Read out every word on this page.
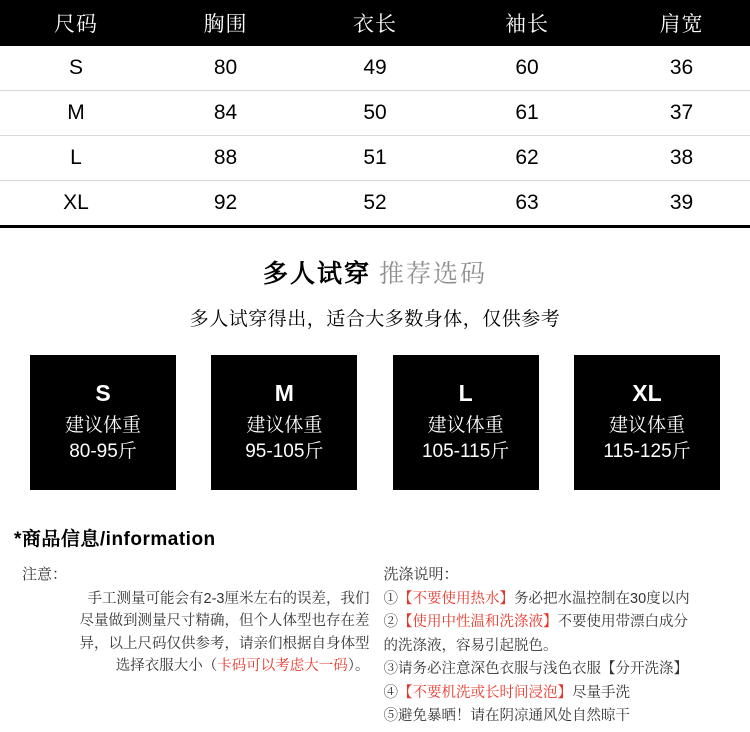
尺码	胸围	衣长	袖长	肩宽
S	80	49	60	36
M	84	50	61	37
L	88	51	62	38
XL	92	52	63	39
多人试穿 推荐选码
多人试穿得出，适合大多数身体，仅供参考
S
建议体重
80-95斤
M
建议体重
95-105斤
L
建议体重
105-115斤
XL
建议体重
115-125斤
*商品信息/information
注意：
手工测量可能会有2-3厘米左右的误差，我们
尽量做到测量尺寸精确，但个人体型也存在差
异，以上尺码仅供参考，请亲们根据自身体型
选择衣服大小（卡码可以考虑大一码）。
洗涤说明：
①【不要使用热水】务必把水温控制在30度以内
②【使用中性温和洗涤液】不要使用带漂白成分
的洗涤液，容易引起脱色。
③请务必注意深色衣服与浅色衣服【分开洗涤】
④【不要机洗或长时间浸泡】尽量手洗
⑤避免暴晒！请在阴凉通风处自然晾干
